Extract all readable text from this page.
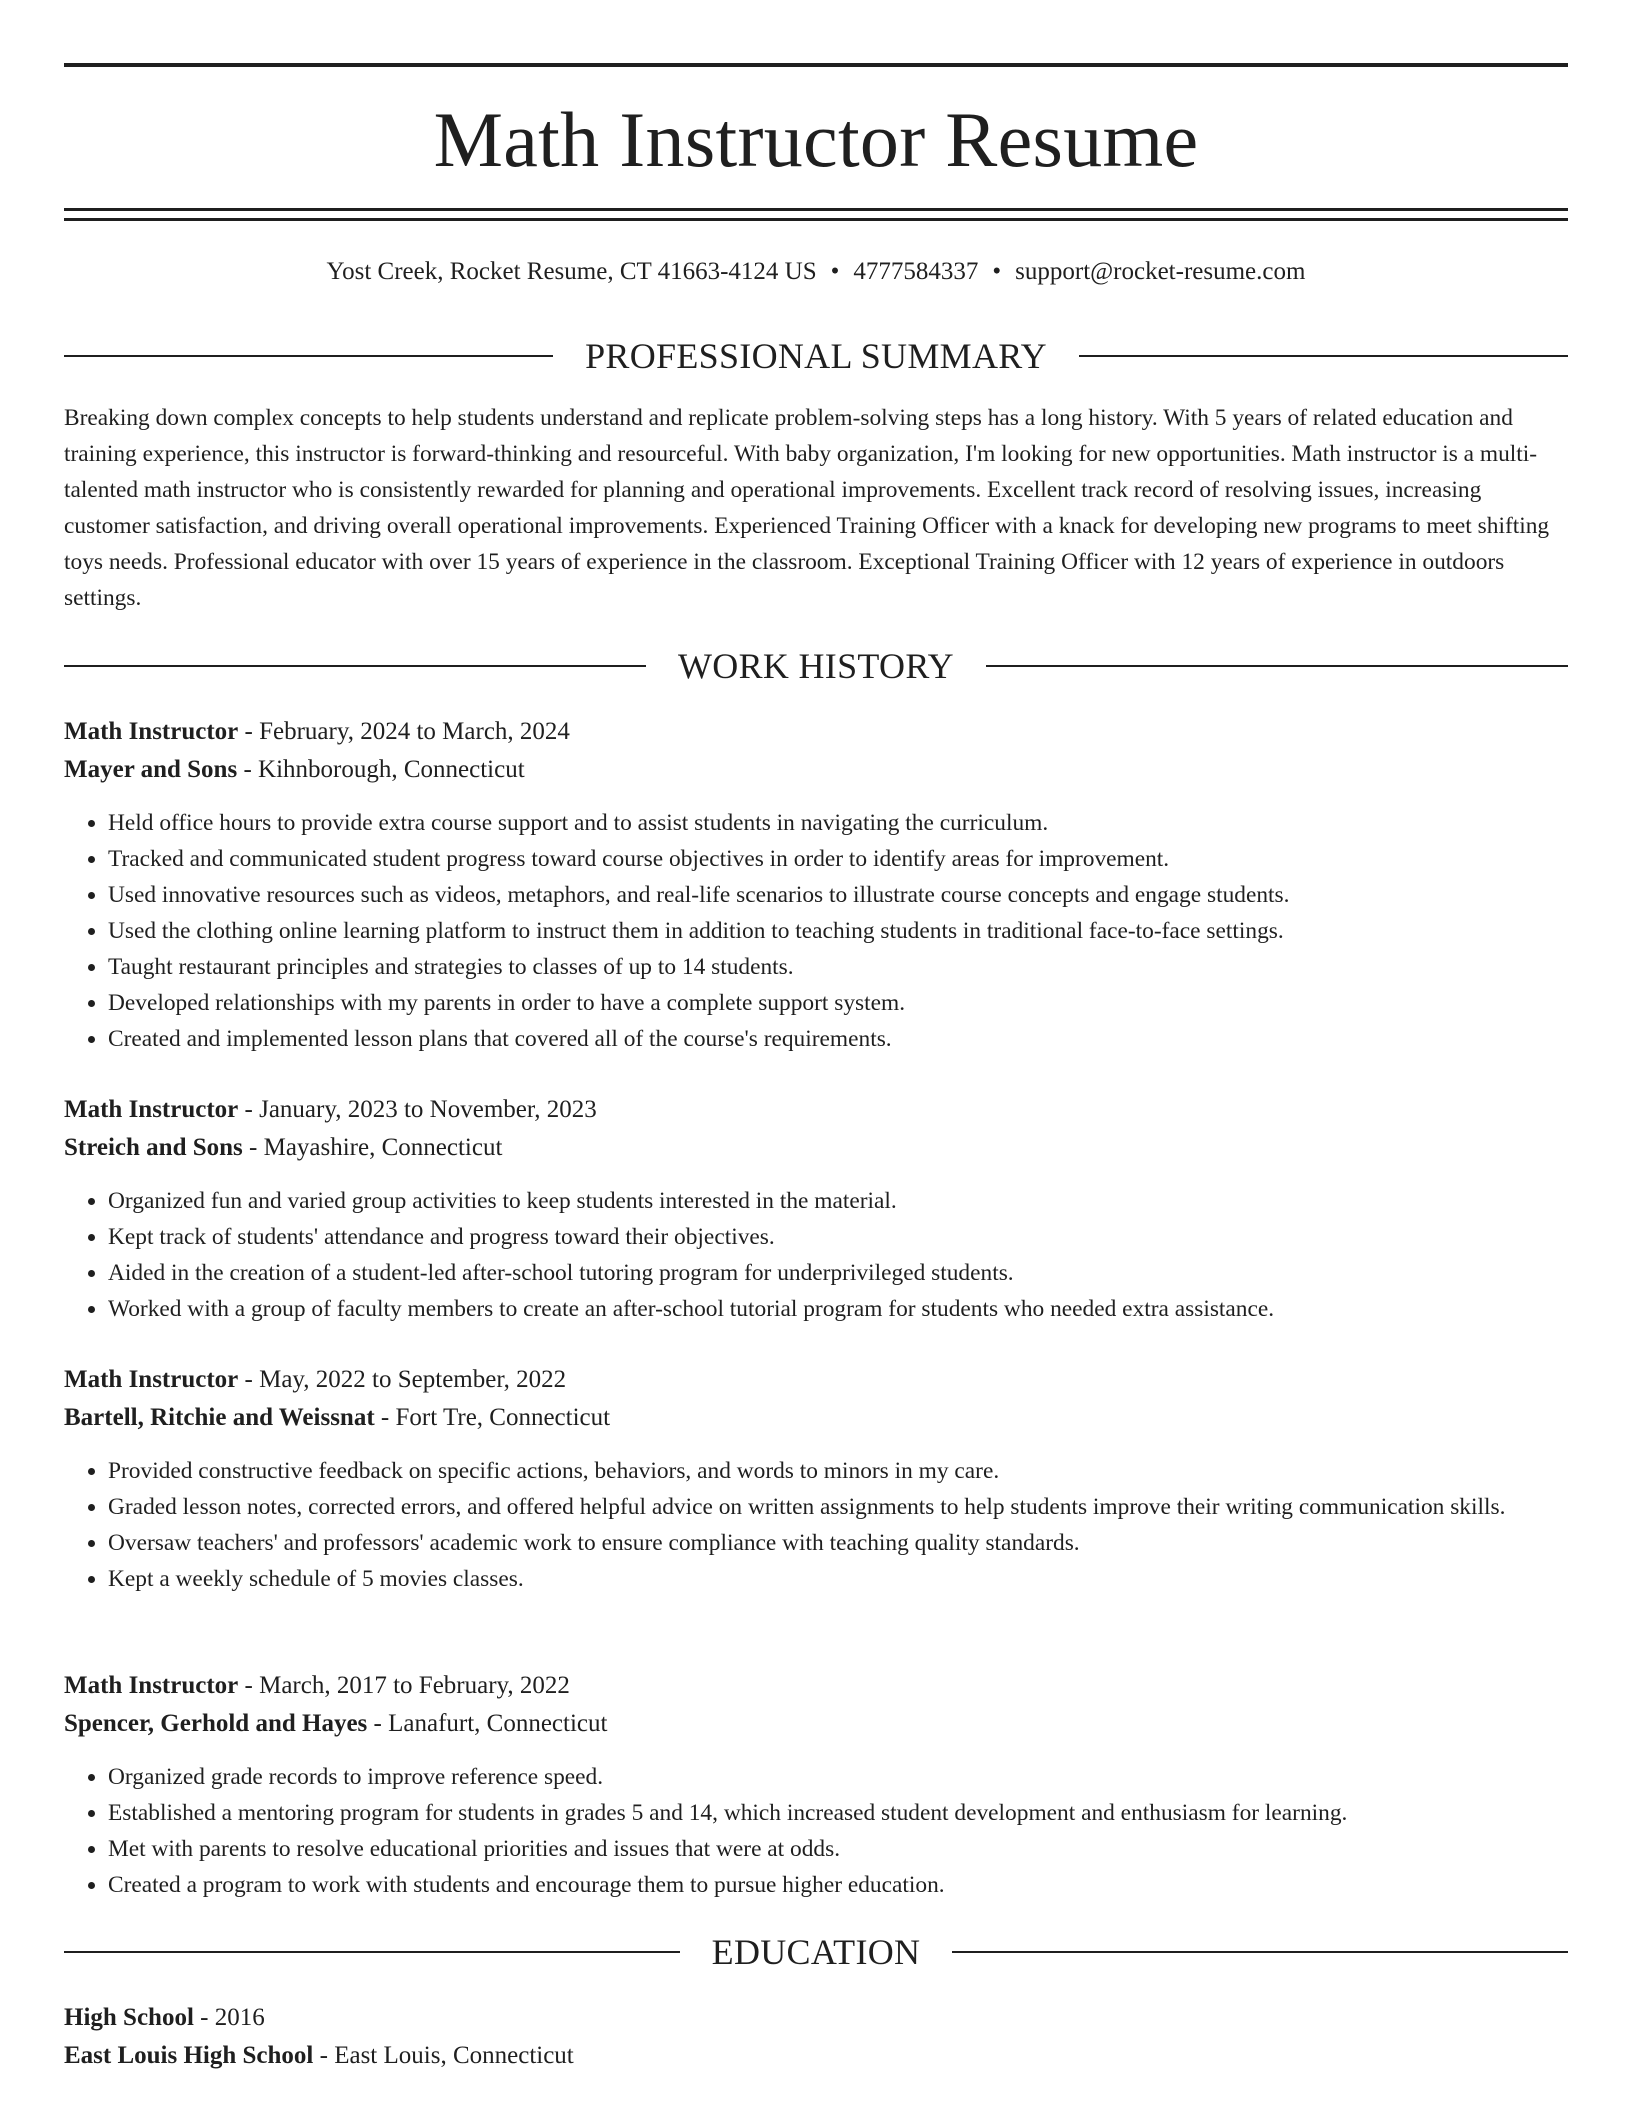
Math Instructor Resume
Yost Creek, Rocket Resume, CT 41663-4124 US • 4777584337 • support@rocket-resume.com
PROFESSIONAL SUMMARY

Breaking down complex concepts to help students understand and replicate problem-solving steps has a long history. With 5 years of related education and training experience, this instructor is forward-thinking and resourceful. With baby organization, I'm looking for new opportunities. Math instructor is a multi-talented math instructor who is consistently rewarded for planning and operational improvements. Excellent track record of resolving issues, increasing customer satisfaction, and driving overall operational improvements. Experienced Training Officer with a knack for developing new programs to meet shifting toys needs. Professional educator with over 15 years of experience in the classroom. Exceptional Training Officer with 12 years of experience in outdoors settings.

WORK HISTORY
Math Instructor - February, 2024 to March, 2024
Mayer and Sons - Kihnborough, Connecticut
• Held office hours to provide extra course support and to assist students in navigating the curriculum.
• Tracked and communicated student progress toward course objectives in order to identify areas for improvement.
• Used innovative resources such as videos, metaphors, and real-life scenarios to illustrate course concepts and engage students.
• Used the clothing online learning platform to instruct them in addition to teaching students in traditional face-to-face settings.
• Taught restaurant principles and strategies to classes of up to 14 students.
• Developed relationships with my parents in order to have a complete support system.
• Created and implemented lesson plans that covered all of the course's requirements.
Math Instructor - January, 2023 to November, 2023
Streich and Sons - Mayashire, Connecticut
• Organized fun and varied group activities to keep students interested in the material.
• Kept track of students' attendance and progress toward their objectives.
• Aided in the creation of a student-led after-school tutoring program for underprivileged students.
• Worked with a group of faculty members to create an after-school tutorial program for students who needed extra assistance.
Math Instructor - May, 2022 to September, 2022
Bartell, Ritchie and Weissnat - Fort Tre, Connecticut
• Provided constructive feedback on specific actions, behaviors, and words to minors in my care.
• Graded lesson notes, corrected errors, and offered helpful advice on written assignments to help students improve their writing communication skills.
• Oversaw teachers' and professors' academic work to ensure compliance with teaching quality standards.
• Kept a weekly schedule of 5 movies classes.
Math Instructor - March, 2017 to February, 2022
Spencer, Gerhold and Hayes - Lanafurt, Connecticut
• Organized grade records to improve reference speed.
• Established a mentoring program for students in grades 5 and 14, which increased student development and enthusiasm for learning.
• Met with parents to resolve educational priorities and issues that were at odds.
• Created a program to work with students and encourage them to pursue higher education.
EDUCATION
High School - 2016
East Louis High School - East Louis, Connecticut
